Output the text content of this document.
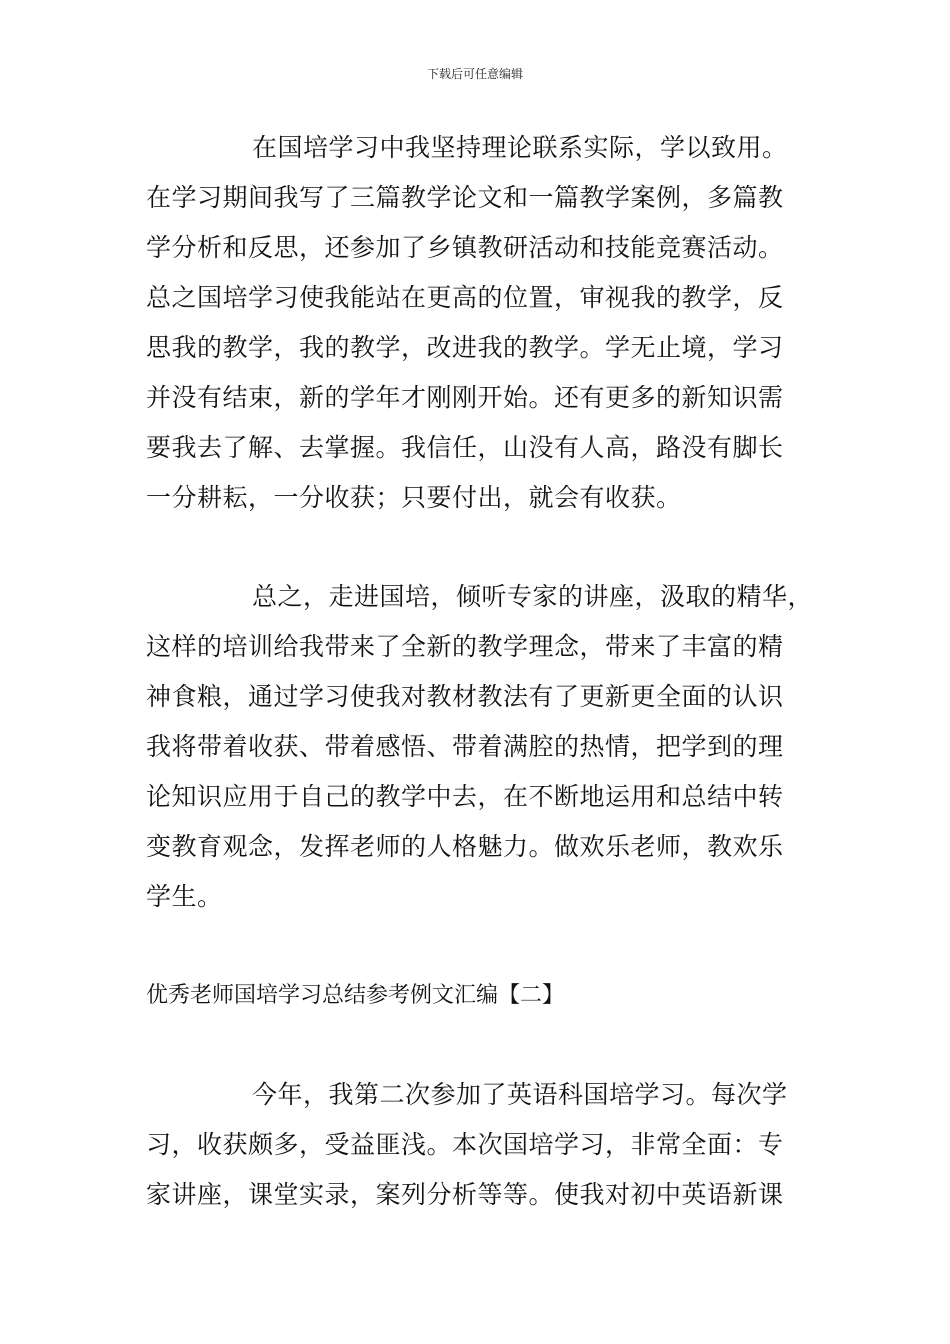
下载后可任意编辑
在国培学习中我坚持理论联系实际，学以致用。
在学习期间我写了三篇教学论文和一篇教学案例，多篇教
学分析和反思，还参加了乡镇教研活动和技能竞赛活动。
总之国培学习使我能站在更高的位置，审视我的教学，反
思我的教学，我的教学，改进我的教学。学无止境，学习
并没有结束，新的学年才刚刚开始。还有更多的新知识需
要我去了解、去掌握。我信任，山没有人高，路没有脚长
一分耕耘，一分收获；只要付出，就会有收获。
总之，走进国培，倾听专家的讲座，汲取的精华，
这样的培训给我带来了全新的教学理念，带来了丰富的精
神食粮，通过学习使我对教材教法有了更新更全面的认识
我将带着收获、带着感悟、带着满腔的热情，把学到的理
论知识应用于自己的教学中去，在不断地运用和总结中转
变教育观念，发挥老师的人格魅力。做欢乐老师，教欢乐
学生。
优秀老师国培学习总结参考例文汇编【二】
今年，我第二次参加了英语科国培学习。每次学
习，收获颇多，受益匪浅。本次国培学习，非常全面：专
家讲座，课堂实录，案列分析等等。使我对初中英语新课
